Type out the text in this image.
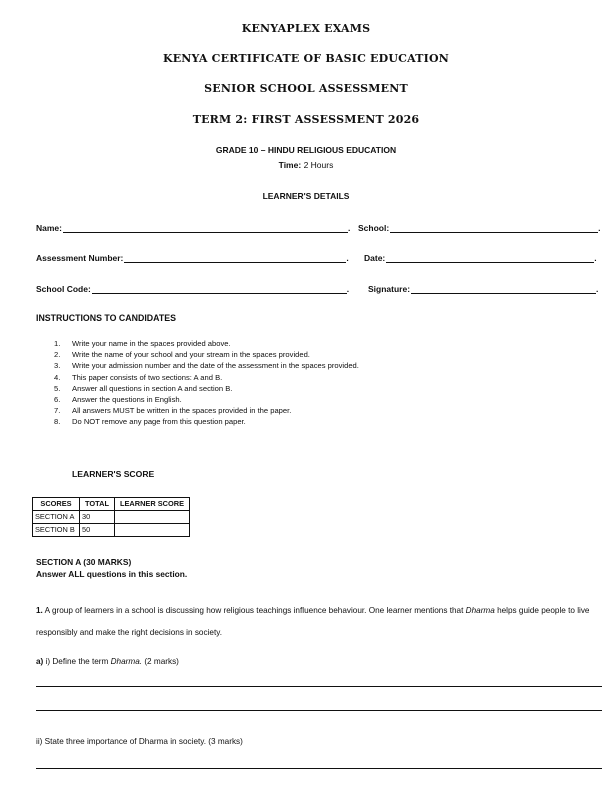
KENYAPLEX EXAMS
KENYA CERTIFICATE OF BASIC EDUCATION
SENIOR SCHOOL ASSESSMENT
TERM 2: FIRST ASSESSMENT 2026
GRADE 10 – HINDU RELIGIOUS EDUCATION
Time: 2 Hours
LEARNER'S DETAILS
Name:	. School:	.
Assessment Number:	. Date:	.
School Code:	. Signature:	.
INSTRUCTIONS TO CANDIDATES
1. Write your name in the spaces provided above.
2. Write the name of your school and your stream in the spaces provided.
3. Write your admission number and the date of the assessment in the spaces provided.
4. This paper consists of two sections: A and B.
5. Answer all questions in section A and section B.
6. Answer the questions in English.
7. All answers MUST be written in the spaces provided in the paper.
8. Do NOT remove any page from this question paper.
LEARNER'S SCORE
SCORES	TOTAL	LEARNER SCORE
SECTION A	30	
SECTION B	50	
SECTION A (30 MARKS)
Answer ALL questions in this section.
1. A group of learners in a school is discussing how religious teachings influence behaviour. One learner mentions that Dharma helps guide people to live responsibly and make the right decisions in society.
a) i) Define the term Dharma. (2 marks)
ii) State three importance of Dharma in society. (3 marks)
